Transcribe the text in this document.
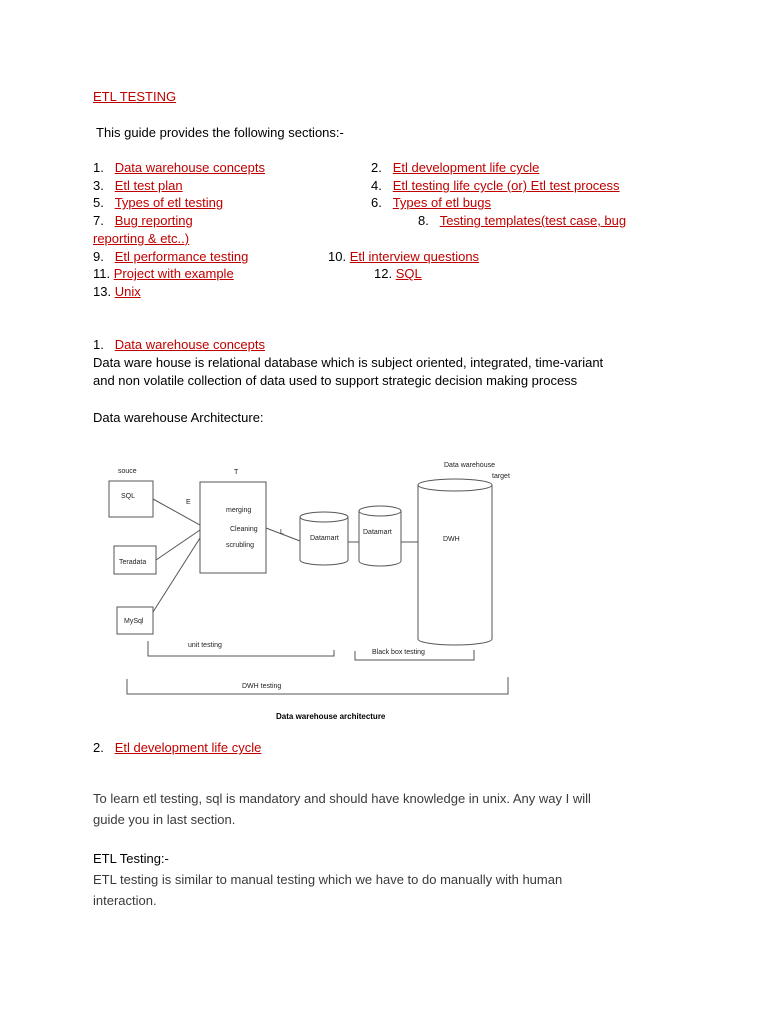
ETL TESTING
This guide provides the following sections:-
1. Data warehouse concepts	2. Etl development life cycle
3. Etl test plan	4. Etl testing life cycle (or) Etl test process
5. Types of etl testing	6. Types of etl bugs
7. Bug reporting	8. Testing templates(test case, bug
reporting & etc..)
9. Etl performance testing	10. Etl interview questions
11. Project with example	12. SQL
13. Unix
1. Data warehouse concepts
Data ware house is relational database which is subject oriented, integrated, time-variant
and non volatile collection of data used to support strategic decision making process
Data warehouse Architecture:
souce
SQL
Teradata
MySql
E
T
L
merging
Cleaning
scrubling
Datamart
Datamart
Data warehouse
target
DWH
unit testing
Black box testing
DWH testing
Data warehouse architecture
2. Etl development life cycle
To learn etl testing, sql is mandatory and should have knowledge in unix. Any way I will
guide you in last section.
ETL Testing:-
ETL testing is similar to manual testing which we have to do manually with human
interaction.
